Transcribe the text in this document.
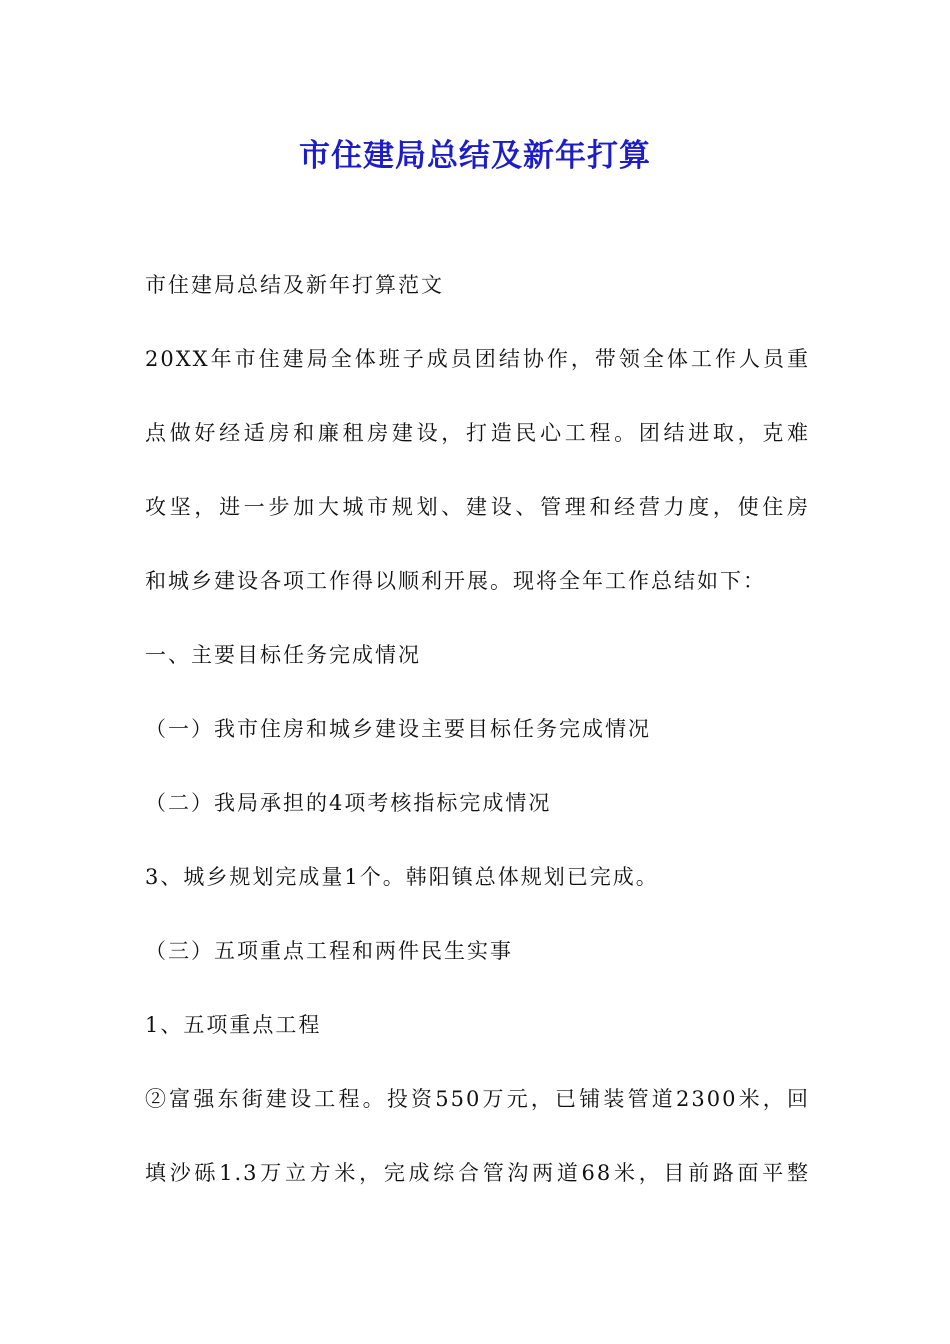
市住建局总结及新年打算
市住建局总结及新年打算范文
20XX年市住建局全体班子成员团结协作，带领全体工作人员重
点做好经适房和廉租房建设，打造民心工程。团结进取，克难
攻坚，进一步加大城市规划、建设、管理和经营力度，使住房
和城乡建设各项工作得以顺利开展。现将全年工作总结如下：
一、主要目标任务完成情况
（一）我市住房和城乡建设主要目标任务完成情况
（二）我局承担的4项考核指标完成情况
3、城乡规划完成量1个。韩阳镇总体规划已完成。
（三）五项重点工程和两件民生实事
1、五项重点工程
②富强东街建设工程。投资550万元，已铺装管道2300米，回
填沙砾1.3万立方米，完成综合管沟两道68米，目前路面平整
